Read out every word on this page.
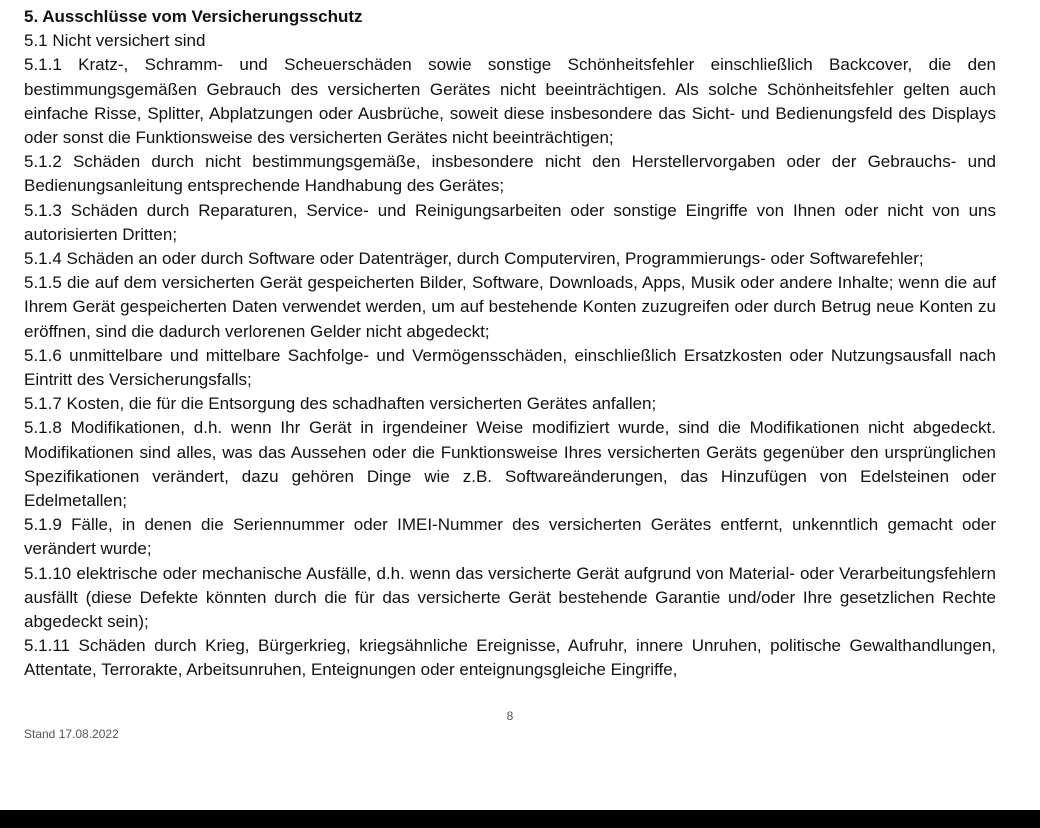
5. Ausschlüsse vom Versicherungsschutz

5.1 Nicht versichert sind

5.1.1 Kratz-, Schramm- und Scheuerschäden sowie sonstige Schönheitsfehler einschließlich Backcover, die den bestimmungsgemäßen Gebrauch des versicherten Gerätes nicht beeinträchtigen. Als solche Schönheitsfehler gelten auch einfache Risse, Splitter, Abplatzungen oder Ausbrüche, soweit diese insbesondere das Sicht- und Bedienungsfeld des Displays oder sonst die Funktionsweise des versicherten Gerätes nicht beeinträchtigen;

5.1.2 Schäden durch nicht bestimmungsgemäße, insbesondere nicht den Herstellervorgaben oder der Gebrauchs- und Bedienungsanleitung entsprechende Handhabung des Gerätes;

5.1.3 Schäden durch Reparaturen, Service- und Reinigungsarbeiten oder sonstige Eingriffe von Ihnen oder nicht von uns autorisierten Dritten;

5.1.4 Schäden an oder durch Software oder Datenträger, durch Computerviren, Programmierungs- oder Softwarefehler;

5.1.5 die auf dem versicherten Gerät gespeicherten Bilder, Software, Downloads, Apps, Musik oder andere Inhalte; wenn die auf Ihrem Gerät gespeicherten Daten verwendet werden, um auf bestehende Konten zuzugreifen oder durch Betrug neue Konten zu eröffnen, sind die dadurch verlorenen Gelder nicht abgedeckt;

5.1.6 unmittelbare und mittelbare Sachfolge- und Vermögensschäden, einschließlich Ersatzkosten oder Nutzungsausfall nach Eintritt des Versicherungsfalls;

5.1.7 Kosten, die für die Entsorgung des schadhaften versicherten Gerätes anfallen;

5.1.8 Modifikationen, d.h. wenn Ihr Gerät in irgendeiner Weise modifiziert wurde, sind die Modifikationen nicht abgedeckt. Modifikationen sind alles, was das Aussehen oder die Funktionsweise Ihres versicherten Geräts gegenüber den ursprünglichen Spezifikationen verändert, dazu gehören Dinge wie z.B. Softwareänderungen, das Hinzufügen von Edelsteinen oder Edelmetallen;

5.1.9 Fälle, in denen die Seriennummer oder IMEI-Nummer des versicherten Gerätes entfernt, unkenntlich gemacht oder verändert wurde;

5.1.10 elektrische oder mechanische Ausfälle, d.h. wenn das versicherte Gerät aufgrund von Material- oder Verarbeitungsfehlern ausfällt (diese Defekte könnten durch die für das versicherte Gerät bestehende Garantie und/oder Ihre gesetzlichen Rechte abgedeckt sein);

5.1.11 Schäden durch Krieg, Bürgerkrieg, kriegsähnliche Ereignisse, Aufruhr, innere Unruhen, politische Gewalthandlungen, Attentate, Terrorakte, Arbeitsunruhen, Enteignungen oder enteignungsgleiche Eingriffe,

8
Stand 17.08.2022
